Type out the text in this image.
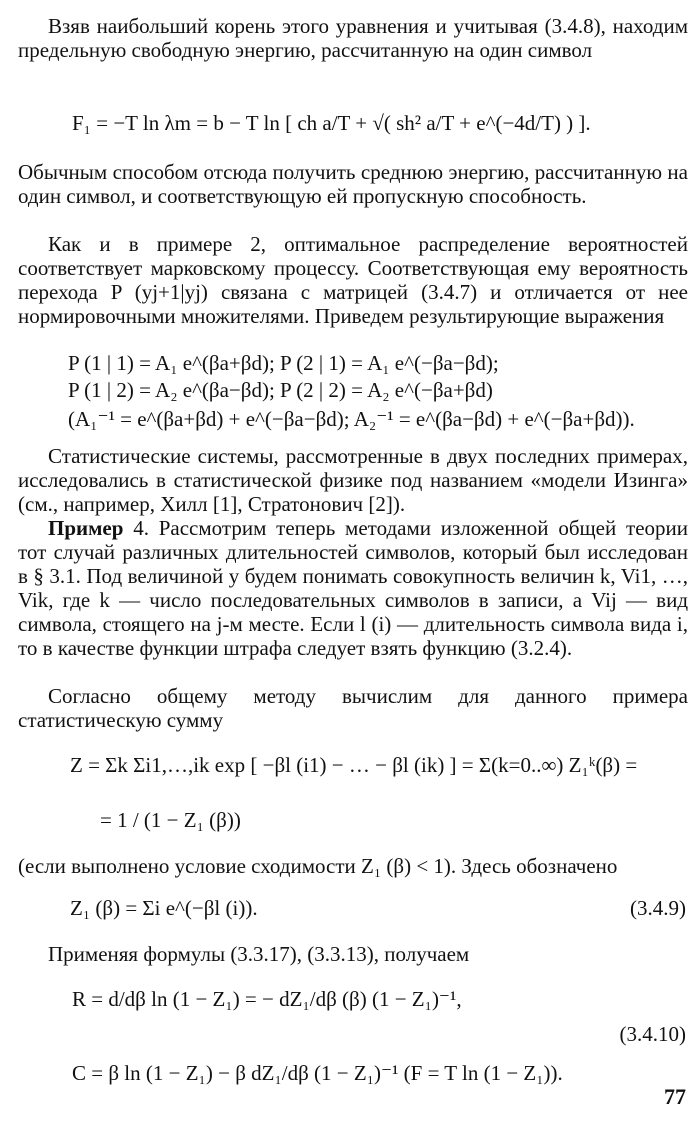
Взяв наибольший корень этого уравнения и учитывая (3.4.8), находим предельную свободную энергию, рассчитанную на один символ
F₁ = −T ln λm = b − T ln [ ch a/T + √( sh² a/T + e^(−4d/T) ) ].
Обычным способом отсюда получить среднюю энергию, рассчитанную на один символ, и соответствующую ей пропускную способность.
Как и в примере 2, оптимальное распределение вероятностей соответствует марковскому процессу. Соответствующая ему вероятность перехода P (yj+1|yj) связана с матрицей (3.4.7) и отличается от нее нормировочными множителями. Приведем результирующие выражения
P (1 | 1) = A₁ e^(βa+βd); P (2 | 1) = A₁ e^(−βa−βd);
P (1 | 2) = A₂ e^(βa−βd); P (2 | 2) = A₂ e^(−βa+βd)
(A₁⁻¹ = e^(βa+βd) + e^(−βa−βd); A₂⁻¹ = e^(βa−βd) + e^(−βa+βd)).
Статистические системы, рассмотренные в двух последних примерах, исследовались в статистической физике под названием «модели Изинга» (см., например, Хилл [1], Стратонович [2]).
Пример 4. Рассмотрим теперь методами изложенной общей теории тот случай различных длительностей символов, который был исследован в § 3.1. Под величиной y будем понимать совокупность величин k, Vi1, …, Vik, где k — число последовательных символов в записи, а Vij — вид символа, стоящего на j-м месте. Если l (i) — длительность символа вида i, то в качестве функции штрафа следует взять функцию (3.2.4).
Согласно общему методу вычислим для данного примера статистическую сумму
Z = Σk Σi1,…,ik exp [ −βl (i1) − … − βl (ik) ] = Σ(k=0..∞) Z₁ᵏ(β) =
= 1 / (1 − Z₁ (β))
(если выполнено условие сходимости Z₁ (β) < 1). Здесь обозначено
Z₁ (β) = Σi e^(−βl (i)).	(3.4.9)
Применяя формулы (3.3.17), (3.3.13), получаем
R = d/dβ ln (1 − Z₁) = − dZ₁/dβ (β) (1 − Z₁)⁻¹,
(3.4.10)
C = β ln (1 − Z₁) − β dZ₁/dβ (1 − Z₁)⁻¹ (F = T ln (1 − Z₁)).
77
